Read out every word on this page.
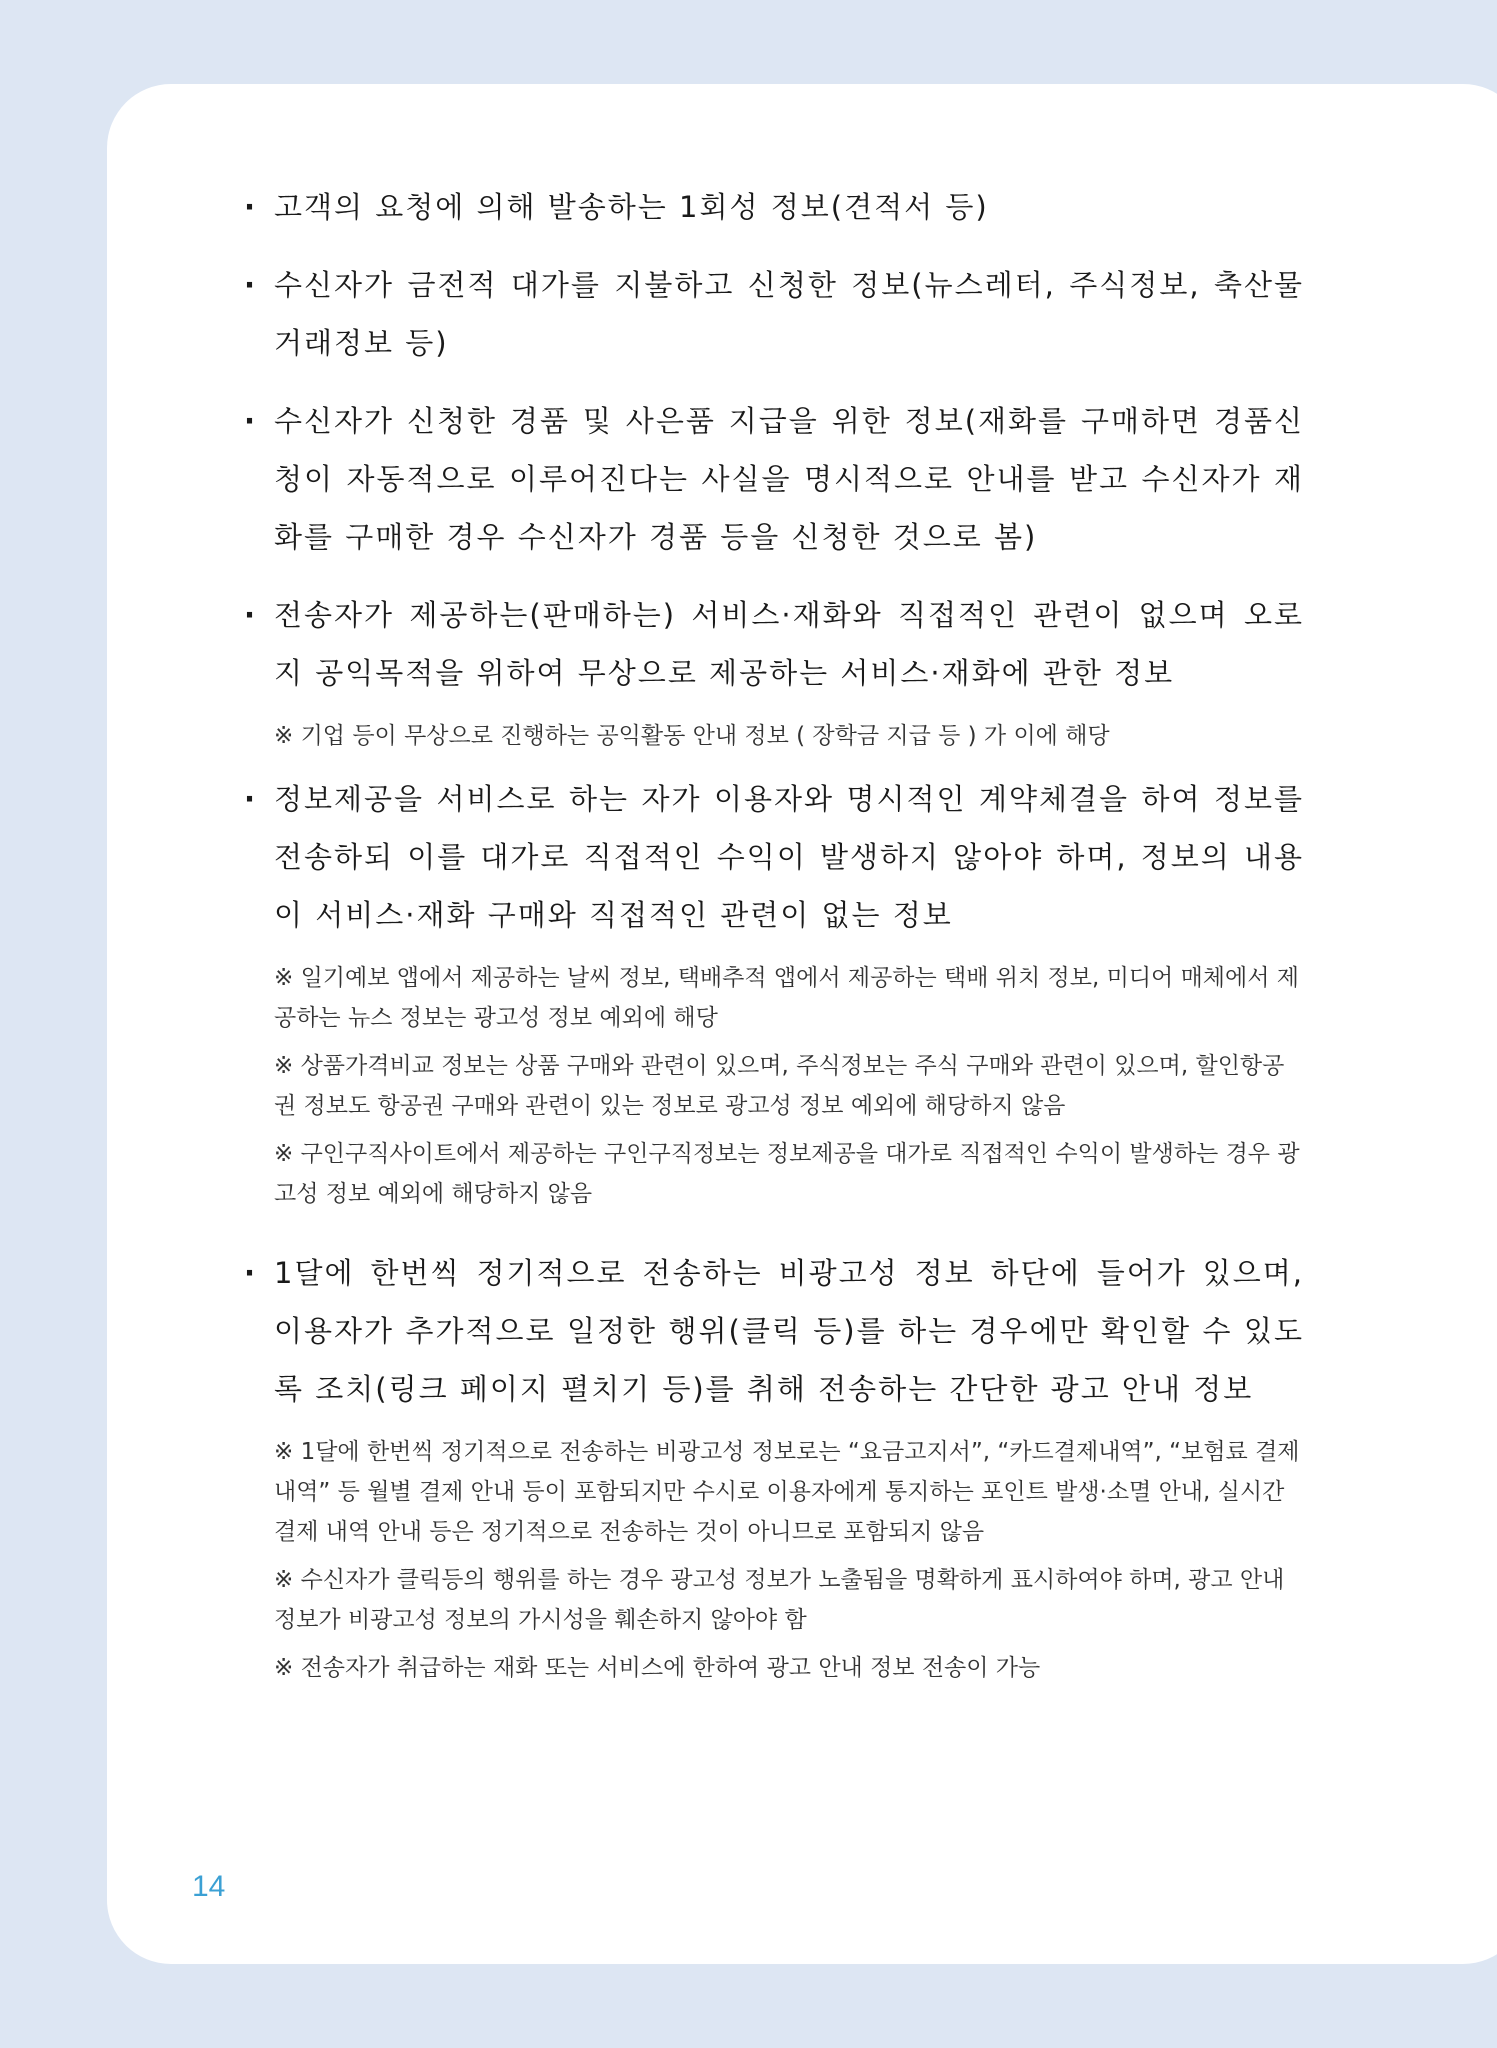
· 고객의 요청에 의해 발송하는 1회성 정보(견적서 등)
· 수신자가 금전적 대가를 지불하고 신청한 정보(뉴스레터, 주식정보, 축산물 거래정보 등)
· 수신자가 신청한 경품 및 사은품 지급을 위한 정보(재화를 구매하면 경품신청이 자동적으로 이루어진다는 사실을 명시적으로 안내를 받고 수신자가 재화를 구매한 경우 수신자가 경품 등을 신청한 것으로 봄)
· 전송자가 제공하는(판매하는) 서비스·재화와 직접적인 관련이 없으며 오로지 공익목적을 위하여 무상으로 제공하는 서비스·재화에 관한 정보
※ 기업 등이 무상으로 진행하는 공익활동 안내 정보 ( 장학금 지급 등 ) 가 이에 해당
· 정보제공을 서비스로 하는 자가 이용자와 명시적인 계약체결을 하여 정보를 전송하되 이를 대가로 직접적인 수익이 발생하지 않아야 하며, 정보의 내용이 서비스·재화 구매와 직접적인 관련이 없는 정보
※ 일기예보 앱에서 제공하는 날씨 정보, 택배추적 앱에서 제공하는 택배 위치 정보, 미디어 매체에서 제공하는 뉴스 정보는 광고성 정보 예외에 해당
※ 상품가격비교 정보는 상품 구매와 관련이 있으며, 주식정보는 주식 구매와 관련이 있으며, 할인항공권 정보도 항공권 구매와 관련이 있는 정보로 광고성 정보 예외에 해당하지 않음
※ 구인구직사이트에서 제공하는 구인구직정보는 정보제공을 대가로 직접적인 수익이 발생하는 경우 광고성 정보 예외에 해당하지 않음
· 1달에 한번씩 정기적으로 전송하는 비광고성 정보 하단에 들어가 있으며, 이용자가 추가적으로 일정한 행위(클릭 등)를 하는 경우에만 확인할 수 있도록 조치(링크 페이지 펼치기 등)를 취해 전송하는 간단한 광고 안내 정보
※ 1달에 한번씩 정기적으로 전송하는 비광고성 정보로는 “요금고지서”, “카드결제내역”, “보험료 결제내역” 등 월별 결제 안내 등이 포함되지만 수시로 이용자에게 통지하는 포인트 발생·소멸 안내, 실시간 결제 내역 안내 등은 정기적으로 전송하는 것이 아니므로 포함되지 않음
※ 수신자가 클릭등의 행위를 하는 경우 광고성 정보가 노출됨을 명확하게 표시하여야 하며, 광고 안내 정보가 비광고성 정보의 가시성을 훼손하지 않아야 함
※ 전송자가 취급하는 재화 또는 서비스에 한하여 광고 안내 정보 전송이 가능
14
